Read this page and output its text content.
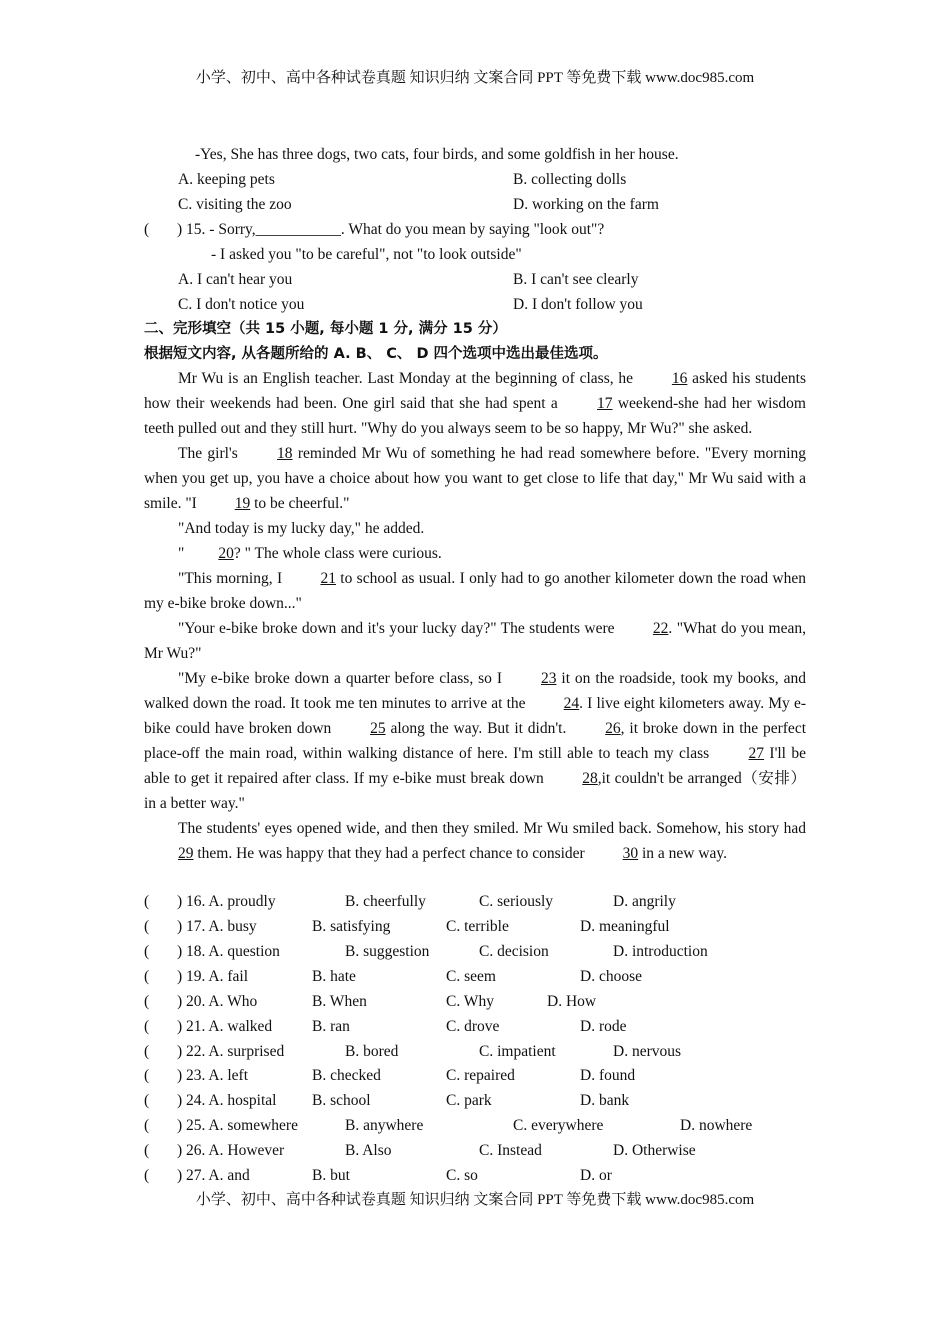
小学、初中、高中各种试卷真题 知识归纳 文案合同 PPT 等免费下载 www.doc985.com
-Yes, She has three dogs, two cats, four birds, and some goldfish in her house.
A. keeping pets	B. collecting dolls
C. visiting the zoo	D. working on the farm
( ) 15. - Sorry,___________. What do you mean by saying "look out"?
- I asked you "to be careful", not "to look outside"
A. I can't hear you	B. I can't see clearly
C. I don't notice you	D. I don't follow you
二、完形填空（共 15 小题, 每小题 1 分, 满分 15 分）
根据短文内容, 从各题所给的 A. B、 C、 D 四个选项中选出最佳选项。
Mr Wu is an English teacher. Last Monday at the beginning of class, he 16 asked his students how their weekends had been. One girl said that she had spent a 17 weekend-she had her wisdom teeth pulled out and they still hurt. "Why do you always seem to be so happy, Mr Wu?" she asked.
The girl's 18 reminded Mr Wu of something he had read somewhere before. "Every morning when you get up, you have a choice about how you want to get close to life that day," Mr Wu said with a smile. "I 19 to be cheerful."
"And today is my lucky day," he added.
" 20? " The whole class were curious.
"This morning, I 21 to school as usual. I only had to go another kilometer down the road when my e-bike broke down..."
"Your e-bike broke down and it's your lucky day?" The students were 22. "What do you mean, Mr Wu?"
"My e-bike broke down a quarter before class, so I 23 it on the roadside, took my books, and walked down the road. It took me ten minutes to arrive at the 24. I live eight kilometers away. My e-bike could have broken down 25 along the way. But it didn't. 26, it broke down in the perfect place-off the main road, within walking distance of here. I'm still able to teach my class 27 I'll be able to get it repaired after class. If my e-bike must break down 28,it couldn't be arranged（安排）in a better way."
The students' eyes opened wide, and then they smiled. Mr Wu smiled back. Somehow, his story had 29 them. He was happy that they had a perfect chance to consider 30 in a new way.
( ) 16. A. proudly	B. cheerfully	C. seriously	D. angrily
( ) 17. A. busy	B. satisfying	C. terrible	D. meaningful
( ) 18. A. question	B. suggestion	C. decision	D. introduction
( ) 19. A. fail	B. hate	C. seem	D. choose
( ) 20. A. Who	B. When	C. Why	D. How
( ) 21. A. walked	B. ran	C. drove	D. rode
( ) 22. A. surprised	B. bored	C. impatient	D. nervous
( ) 23. A. left	B. checked	C. repaired	D. found
( ) 24. A. hospital B. school	C. park	D. bank
( ) 25. A. somewhere	B. anywhere	C. everywhere	D. nowhere
( ) 26. A. However	B. Also	C. Instead	D. Otherwise
( ) 27. A. and	B. but	C. so	D. or
小学、初中、高中各种试卷真题 知识归纳 文案合同 PPT 等免费下载 www.doc985.com
